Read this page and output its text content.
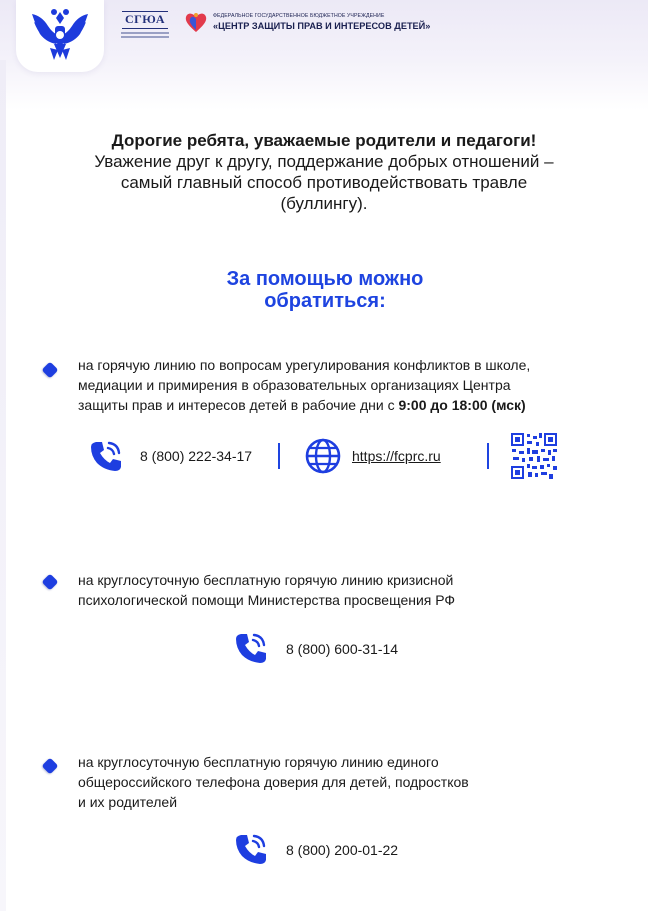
СГЮА	ФЕДЕРАЛЬНОЕ ГОСУДАРСТВЕННОЕ БЮДЖЕТНОЕ УЧРЕЖДЕНИЕ
«ЦЕНТР ЗАЩИТЫ ПРАВ И ИНТЕРЕСОВ ДЕТЕЙ»
Дорогие ребята, уважаемые родители и педагоги!
Уважение друг к другу, поддержание добрых отношений –
самый главный способ противодействовать травле
(буллингу).
За помощью можно
обратиться:
на горячую линию по вопросам урегулирования конфликтов в школе,
медиации и примирения в образовательных организациях Центра
защиты прав и интересов детей в рабочие дни с 9:00 до 18:00 (мск)
8 (800) 222-34-17	https://fcprc.ru
на круглосуточную бесплатную горячую линию кризисной
психологической помощи Министерства просвещения РФ
8 (800) 600-31-14
на круглосуточную бесплатную горячую линию единого
общероссийского телефона доверия для детей, подростков
и их родителей
8 (800) 200-01-22
